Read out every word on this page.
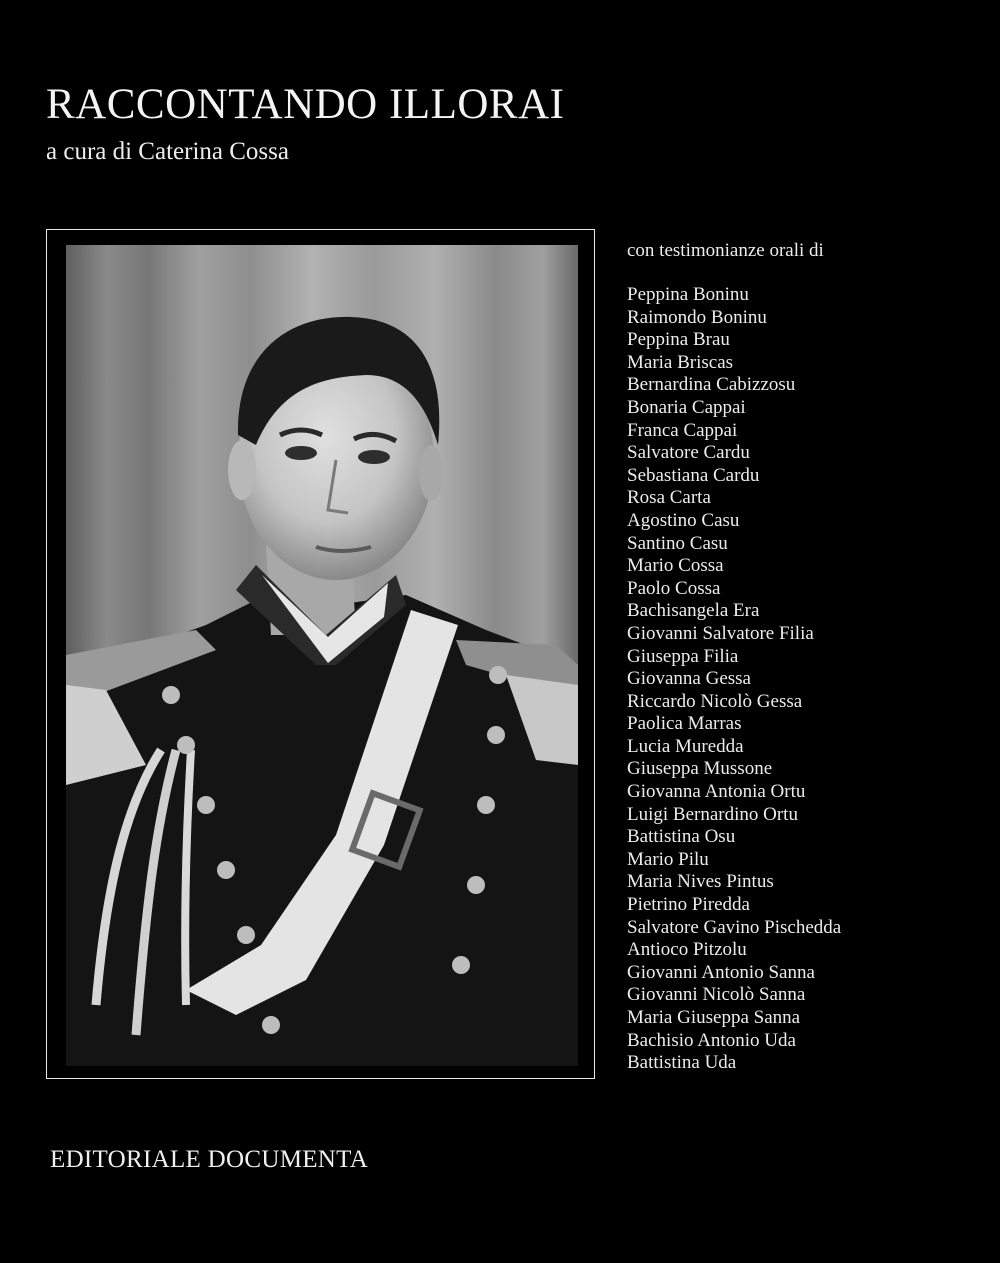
RACCONTANDO ILLORAI
a cura di Caterina Cossa
con testimonianze orali di
Peppina Boninu
Raimondo Boninu
Peppina Brau
Maria Briscas
Bernardina Cabizzosu
Bonaria Cappai
Franca Cappai
Salvatore Cardu
Sebastiana Cardu
Rosa Carta
Agostino Casu
Santino Casu
Mario Cossa
Paolo Cossa
Bachisangela Era
Giovanni Salvatore Filia
Giuseppa Filia
Giovanna Gessa
Riccardo Nicolò Gessa
Paolica Marras
Lucia Muredda
Giuseppa Mussone
Giovanna Antonia Ortu
Luigi Bernardino Ortu
Battistina Osu
Mario Pilu
Maria Nives Pintus
Pietrino Piredda
Salvatore Gavino Pischedda
Antioco Pitzolu
Giovanni Antonio Sanna
Giovanni Nicolò Sanna
Maria Giuseppa Sanna
Bachisio Antonio Uda
Battistina Uda
EDITORIALE DOCUMENTA
